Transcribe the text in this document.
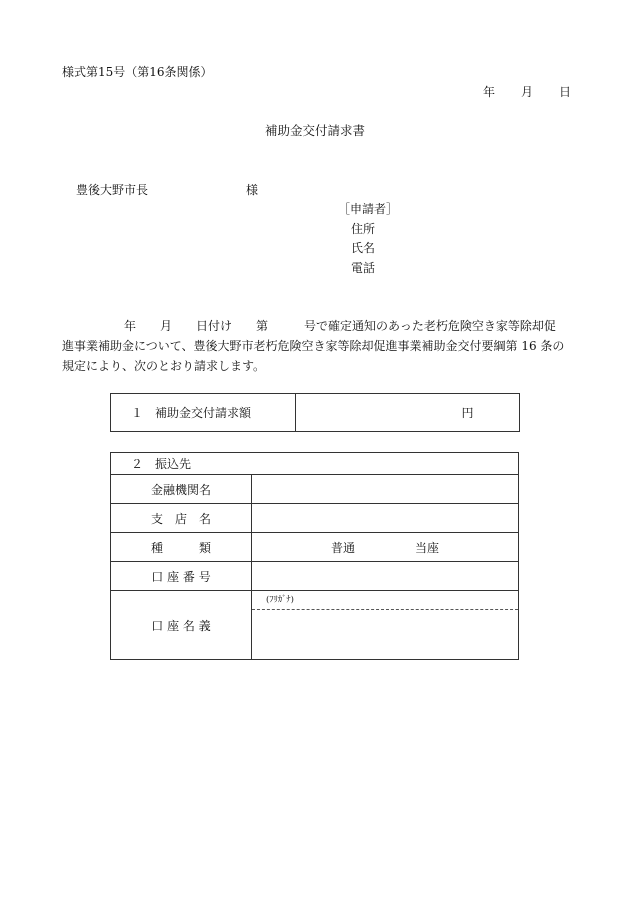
様式第15号（第16条関係）
年 月 日
補助金交付請求書
豊後大野市長	様
［申請者］
住所
氏名
電話
年　　月　　日付け　　第　　　号で確定通知のあった老朽危険空き家等除却促
進事業補助金について、豊後大野市老朽危険空き家等除却促進事業補助金交付要綱第 16 条の
規定により、次のとおり請求します。
１　補助金交付請求額	円
２　振込先	
金融機関名	
支　店　名	
種　　　類	普通 当座
口 座 番 号	
口 座 名 義	(ﾌﾘｶﾞﾅ)
